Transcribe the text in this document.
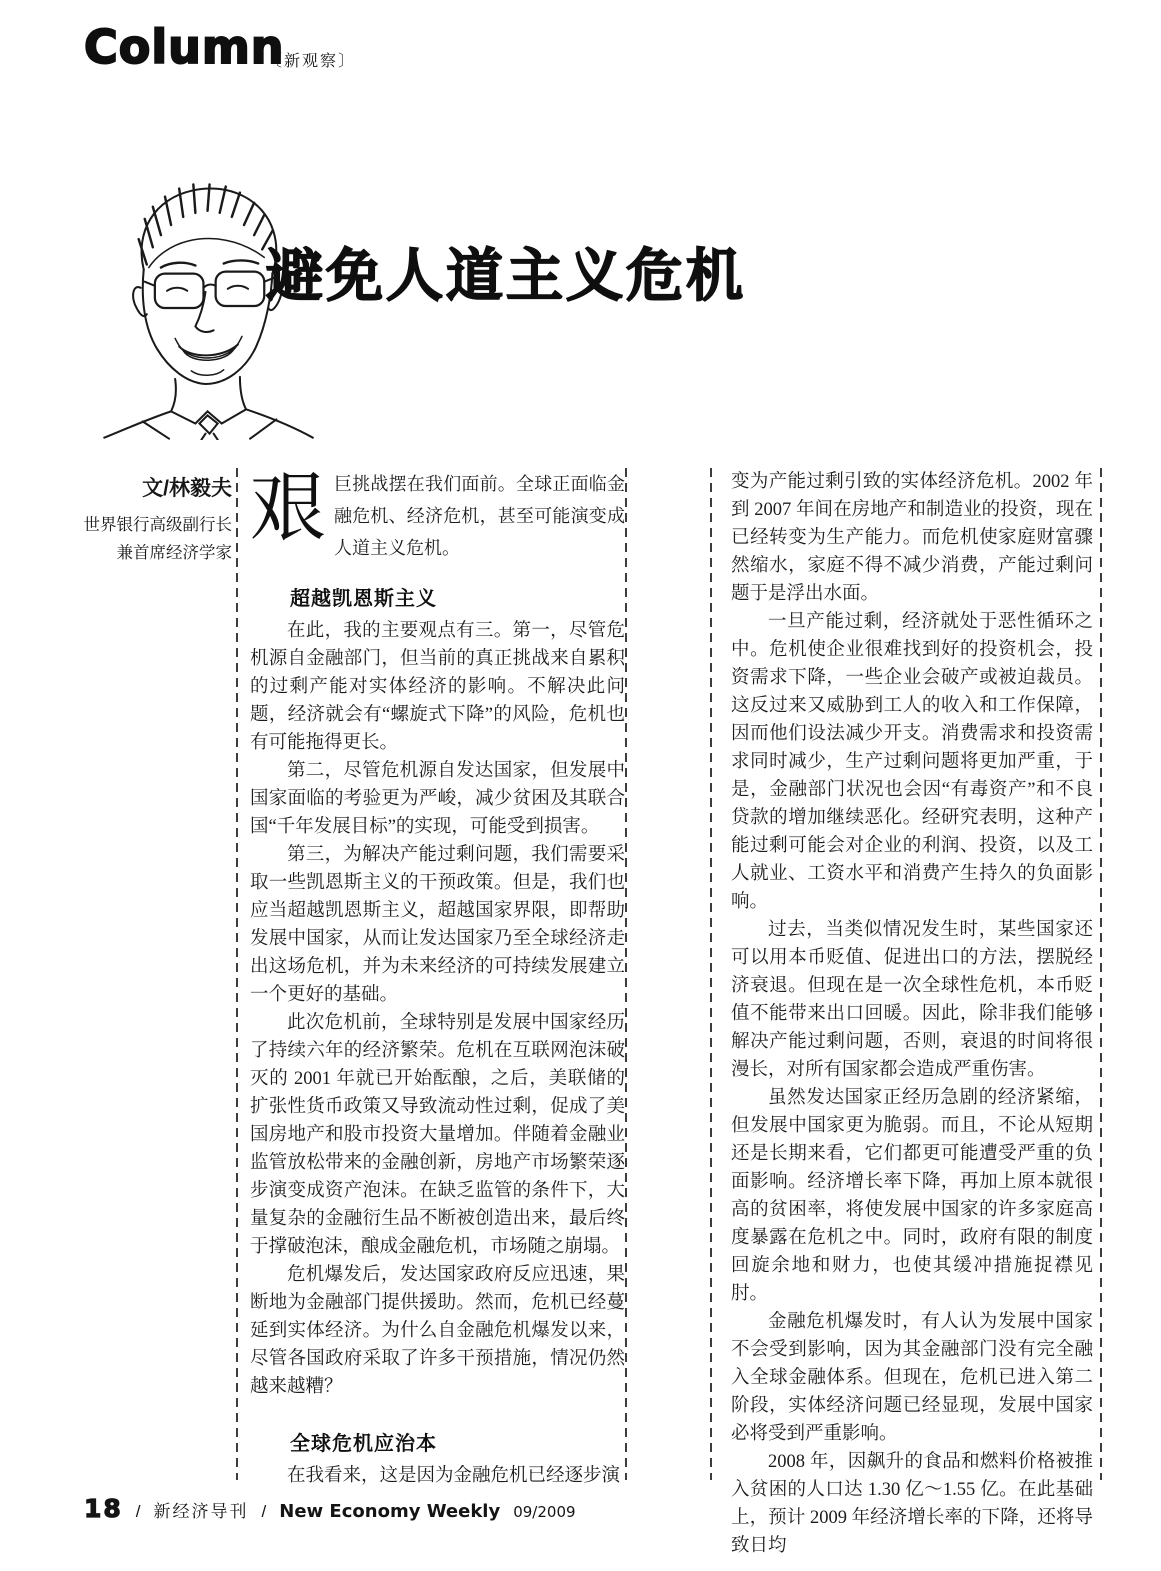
Column
〔新观察〕
避免人道主义危机
文/林毅夫
世界银行高级副行长
兼首席经济学家
艰 巨挑战摆在我们面前。全球正面临金融危机、经济危机，甚至可能演变成人道主义危机。

超越凯恩斯主义

在此，我的主要观点有三。第一，尽管危机源自金融部门，但当前的真正挑战来自累积的过剩产能对实体经济的影响。不解决此问题，经济就会有“螺旋式下降”的风险，危机也有可能拖得更长。

第二，尽管危机源自发达国家，但发展中国家面临的考验更为严峻，减少贫困及其联合国“千年发展目标”的实现，可能受到损害。

第三，为解决产能过剩问题，我们需要采取一些凯恩斯主义的干预政策。但是，我们也应当超越凯恩斯主义，超越国家界限，即帮助发展中国家，从而让发达国家乃至全球经济走出这场危机，并为未来经济的可持续发展建立一个更好的基础。

此次危机前，全球特别是发展中国家经历了持续六年的经济繁荣。危机在互联网泡沫破灭的 2001 年就已开始酝酿，之后，美联储的扩张性货币政策又导致流动性过剩，促成了美国房地产和股市投资大量增加。伴随着金融业监管放松带来的金融创新，房地产市场繁荣逐步演变成资产泡沫。在缺乏监管的条件下，大量复杂的金融衍生品不断被创造出来，最后终于撑破泡沫，酿成金融危机，市场随之崩塌。

危机爆发后，发达国家政府反应迅速，果断地为金融部门提供援助。然而，危机已经蔓延到实体经济。为什么自金融危机爆发以来，尽管各国政府采取了许多干预措施，情况仍然越来越糟？

全球危机应治本

在我看来，这是因为金融危机已经逐步演

变为产能过剩引致的实体经济危机。2002 年到 2007 年间在房地产和制造业的投资，现在已经转变为生产能力。而危机使家庭财富骤然缩水，家庭不得不减少消费，产能过剩问题于是浮出水面。

一旦产能过剩，经济就处于恶性循环之中。危机使企业很难找到好的投资机会，投资需求下降，一些企业会破产或被迫裁员。这反过来又威胁到工人的收入和工作保障，因而他们设法减少开支。消费需求和投资需求同时减少，生产过剩问题将更加严重，于是，金融部门状况也会因“有毒资产”和不良贷款的增加继续恶化。经研究表明，这种产能过剩可能会对企业的利润、投资，以及工人就业、工资水平和消费产生持久的负面影响。

过去，当类似情况发生时，某些国家还可以用本币贬值、促进出口的方法，摆脱经济衰退。但现在是一次全球性危机，本币贬值不能带来出口回暖。因此，除非我们能够解决产能过剩问题，否则，衰退的时间将很漫长，对所有国家都会造成严重伤害。

虽然发达国家正经历急剧的经济紧缩，但发展中国家更为脆弱。而且，不论从短期还是长期来看，它们都更可能遭受严重的负面影响。经济增长率下降，再加上原本就很高的贫困率，将使发展中国家的许多家庭高度暴露在危机之中。同时，政府有限的制度回旋余地和财力，也使其缓冲措施捉襟见肘。

金融危机爆发时，有人认为发展中国家不会受到影响，因为其金融部门没有完全融入全球金融体系。但现在，危机已进入第二阶段，实体经济问题已经显现，发展中国家必将受到严重影响。

2008 年，因飙升的食品和燃料价格被推入贫困的人口达 1.30 亿～1.55 亿。在此基础上，预计 2009 年经济增长率的下降，还将导致日均

18 / 新经济导刊 / New Economy Weekly 09/2009
